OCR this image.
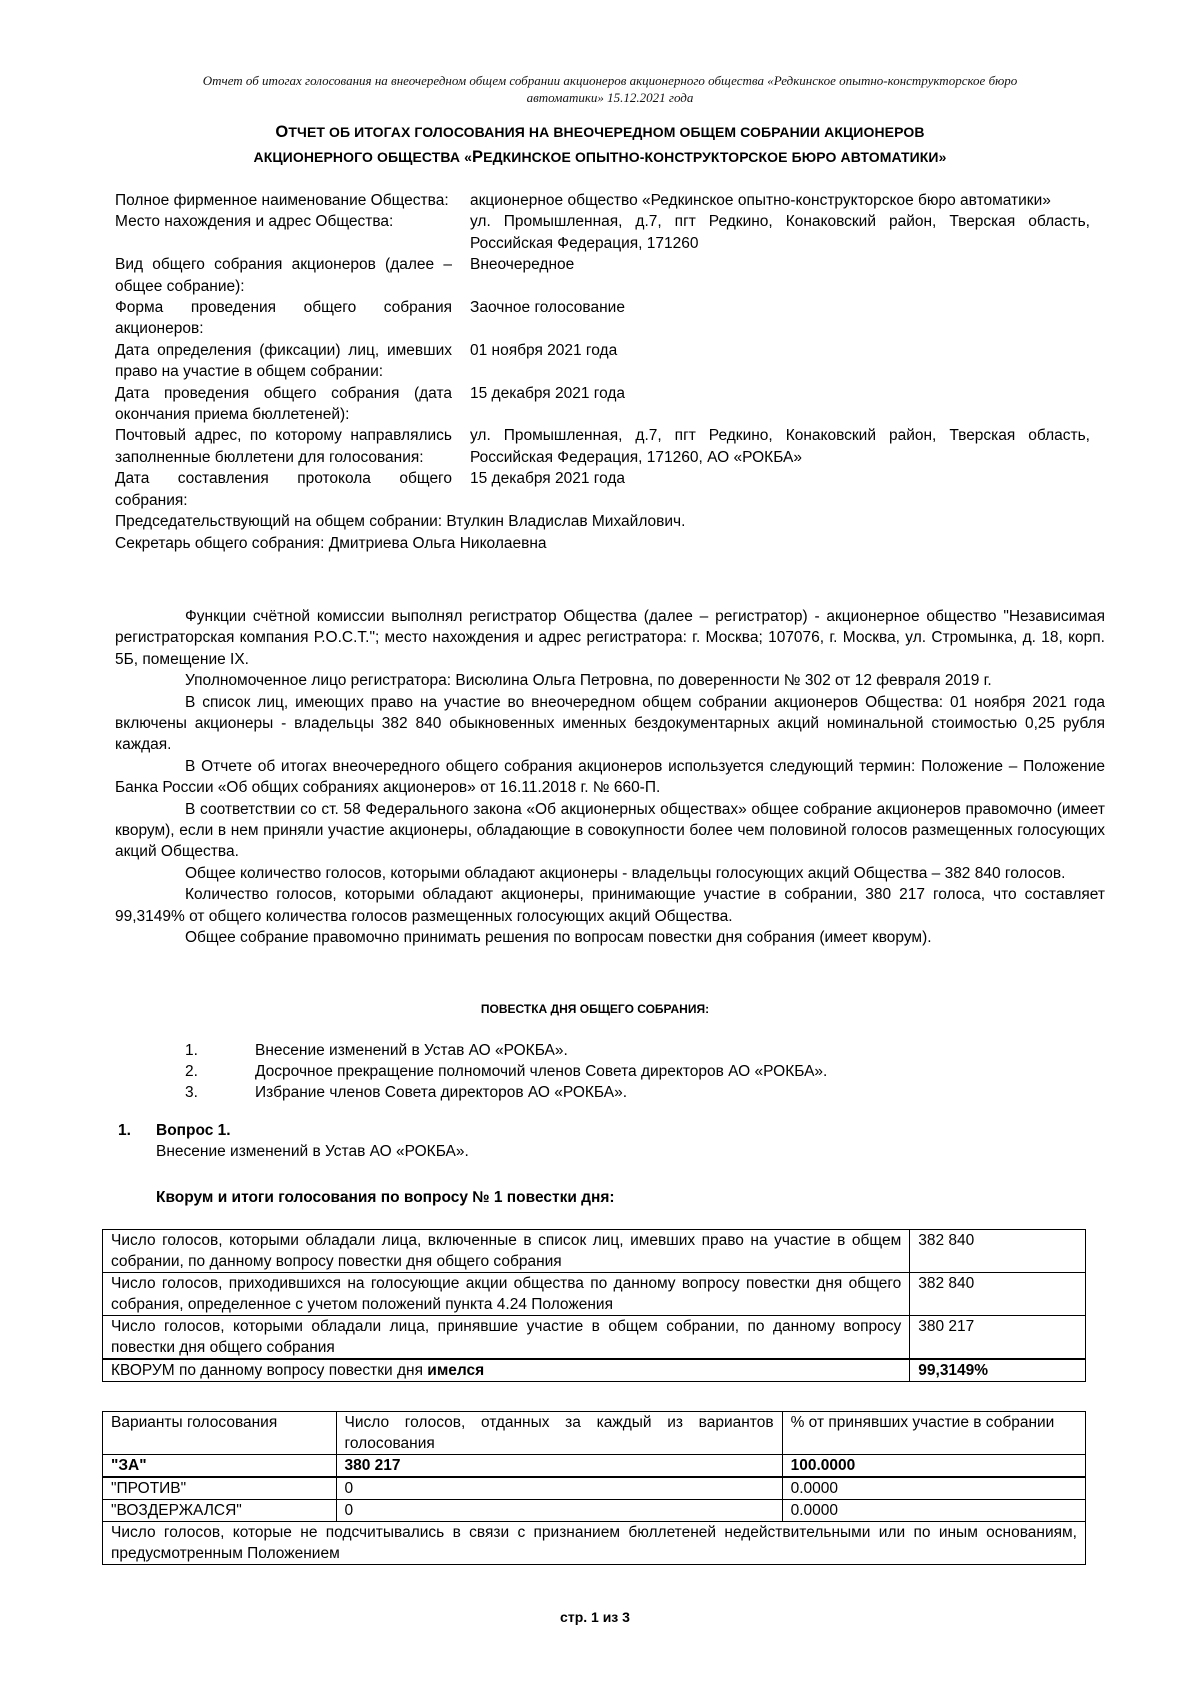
Отчет об итогах голосования на внеочередном общем собрании акционеров акционерного общества «Редкинское опытно-конструкторское бюро
автоматики» 15.12.2021 года
ОТЧЕТ ОБ ИТОГАХ ГОЛОСОВАНИЯ НА ВНЕОЧЕРЕДНОМ ОБЩЕМ СОБРАНИИ АКЦИОНЕРОВ
АКЦИОНЕРНОГО ОБЩЕСТВА «РЕДКИНСКОЕ ОПЫТНО-КОНСТРУКТОРСКОЕ БЮРО АВТОМАТИКИ»
Полное фирменное наименование Общества:	акционерное общество «Редкинское опытно-конструкторское бюро автоматики»
Место нахождения и адрес Общества:	ул. Промышленная, д.7, пгт Редкино, Конаковский район, Тверская область, Российская Федерация, 171260
Вид общего собрания акционеров (далее – общее собрание):
Внеочередное
Форма проведения общего собрания акционеров:
Заочное голосование
Дата определения (фиксации) лиц, имевших право на участие в общем собрании:
01 ноября 2021 года
Дата проведения общего собрания (дата окончания приема бюллетеней):
15 декабря 2021 года
Почтовый адрес, по которому направлялись заполненные бюллетени для голосования:
ул. Промышленная, д.7, пгт Редкино, Конаковский район, Тверская область, Российская Федерация, 171260, АО «РОКБА»
Дата составления протокола общего собрания:
15 декабря 2021 года
Председательствующий на общем собрании: Втулкин Владислав Михайлович.
Секретарь общего собрания: Дмитриева Ольга Николаевна

Функции счётной комиссии выполнял регистратор Общества (далее – регистратор) - акционерное общество "Независимая регистраторская компания Р.О.С.Т."; место нахождения и адрес регистратора: г. Москва; 107076, г. Москва, ул. Стромынка, д. 18, корп. 5Б, помещение IX.

Уполномоченное лицо регистратора: Висюлина Ольга Петровна, по доверенности № 302 от 12 февраля 2019 г.

В список лиц, имеющих право на участие во внеочередном общем собрании акционеров Общества: 01 ноября 2021 года включены акционеры - владельцы 382 840 обыкновенных именных бездокументарных акций номинальной стоимостью 0,25 рубля каждая.

В Отчете об итогах внеочередного общего собрания акционеров используется следующий термин: Положение – Положение Банка России «Об общих собраниях акционеров» от 16.11.2018 г. № 660-П.

В соответствии со ст. 58 Федерального закона «Об акционерных обществах» общее собрание акционеров правомочно (имеет кворум), если в нем приняли участие акционеры, обладающие в совокупности более чем половиной голосов размещенных голосующих акций Общества.

Общее количество голосов, которыми обладают акционеры - владельцы голосующих акций Общества – 382 840 голосов.

Количество голосов, которыми обладают акционеры, принимающие участие в собрании, 380 217 голоса, что составляет 99,3149% от общего количества голосов размещенных голосующих акций Общества.

Общее собрание правомочно принимать решения по вопросам повестки дня собрания (имеет кворум).

ПОВЕСТКА ДНЯ ОБЩЕГО СОБРАНИЯ:
1.	Внесение изменений в Устав АО «РОКБА».
2.	Досрочное прекращение полномочий членов Совета директоров АО «РОКБА».
3.	Избрание членов Совета директоров АО «РОКБА».
1.	Вопрос 1.
Внесение изменений в Устав АО «РОКБА».
Кворум и итоги голосования по вопросу № 1 повестки дня:
Число голосов, которыми обладали лица, включенные в список лиц, имевших право на участие в общем собрании, по данному вопросу повестки дня общего собрания	382 840
Число голосов, приходившихся на голосующие акции общества по данному вопросу повестки дня общего собрания, определенное с учетом положений пункта 4.24 Положения	382 840
Число голосов, которыми обладали лица, принявшие участие в общем собрании, по данному вопросу повестки дня общего собрания	380 217
КВОРУМ по данному вопросу повестки дня имелся	99,3149%
Варианты голосования	Число голосов, отданных за каждый из вариантов голосования	% от принявших участие в собрании
"ЗА"	380 217	100.0000
"ПРОТИВ"	0	0.0000
"ВОЗДЕРЖАЛСЯ"	0	0.0000
Число голосов, которые не подсчитывались в связи с признанием бюллетеней недействительными или по иным основаниям, предусмотренным Положением		
стр. 1 из 3
